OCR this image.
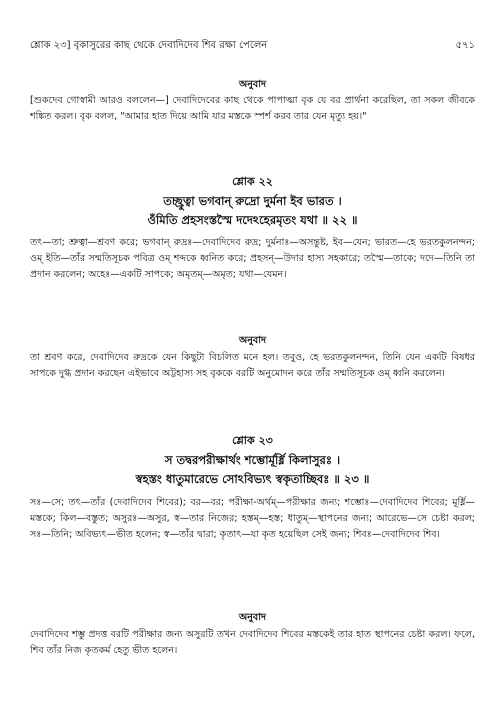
শ্লোক ২৩] বৃকাসুরের কাছ থেকে দেবাদিদেব শিব রক্ষা পেলেন	৫৭১
অনুবাদ
[শুকদেব গোস্বামী আরও বললেন—] দেবাদিদেবের কাছ থেকে পাপাত্মা বৃক যে বর প্রার্থনা করেছিল, তা সকল জীবকে শঙ্কিত করল। বৃক বলল, "আমার হাত দিয়ে আমি যার মস্তকে স্পর্শ করব তার যেন মৃত্যু হয়।"
শ্লোক ২২
তচ্ছ্রুত্বা ভগবান্ রুদ্রো দুর্মনা ইব ভারত ।
ওঁমিতি প্রহসংস্তস্মৈ দদেঽহেরমৃতং যথা ॥ ২২ ॥
তৎ—তা; শ্রুত্বা—শ্রবণ করে; ভগবান্ রুদ্রঃ—দেবাদিদেব রুদ্র; দুর্মনাঃ—অসন্তুষ্ট, ইব—যেন; ভারত—হে ভরতকুলনন্দন; ওম্ ইতি—তাঁর সম্মতিসূচক পবিত্র ওম্ শব্দকে ধ্বনিত করে; প্রহসন্—উদার হাস্য সহকারে; তস্মৈ—তাকে; দদে—তিনি তা প্রদান করলেন; অহেঃ—একটি সাপকে; অমৃতম্—অমৃত; যথা—যেমন।
অনুবাদ
তা শ্রবণ করে, দেবাদিদেব রুদ্রকে যেন কিছুটা বিচলিত মনে হল। তবুও, হে ভরতকুলনন্দন, তিনি যেন একটি বিষধর সাপকে দুগ্ধ প্রদান করছেন এইভাবে অট্টহাস্য সহ বৃককে বরটি অনুমোদন করে তাঁর সম্মতিসূচক ওম্ ধ্বনি করলেন।
শ্লোক ২৩
স তদ্বরপরীক্ষার্থং শম্ভোর্মূর্ধ্নি কিলাসুরঃ ।
স্বহস্তং ধাতুমারেভে সোঽবিভ্যৎ স্বকৃতাচ্ছিবঃ ॥ ২৩ ॥
সঃ—সে; তৎ—তাঁর (দেবাদিদেব শিবের); বর—বর; পরীক্ষা-অর্থম্—পরীক্ষার জন্য; শম্ভোঃ—দেবাদিদেব শিবের; মূর্ধ্নি—মস্তকে; কিল—বস্তুত; অসুরঃ—অসুর, স্ব—তার নিজের; হস্তম্—হস্ত; ধাতুম্—স্থাপনের জন্য; আরেভে—সে চেষ্টা করল; সঃ—তিনি; অবিভ্যৎ—ভীত হলেন; স্ব—তাঁর দ্বারা; কৃতাৎ—যা কৃত হয়েছিল সেই জন্য; শিবঃ—দেবাদিদেব শিব।
অনুবাদ
দেবাদিদেব শম্ভু প্রদত্ত বরটি পরীক্ষার জন্য অসুরটি তখন দেবাদিদেব শিবের মস্তকেই তার হাত স্থাপনের চেষ্টা করল। ফলে, শিব তাঁর নিজ কৃতকর্ম হেতু ভীত হলেন।
